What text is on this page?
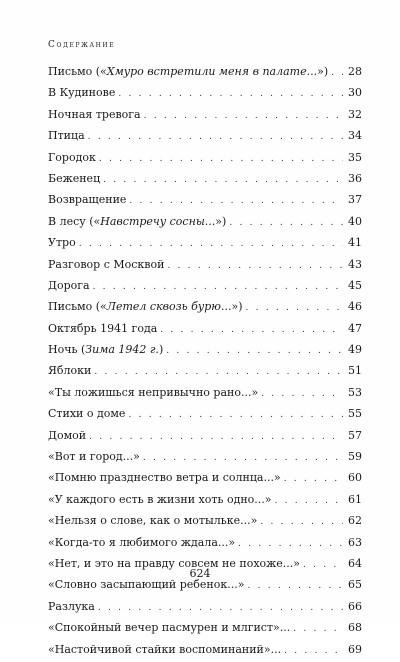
Содержание
Письмо («Хмуро встретили меня в палате...») . . . 28
В Кудинове . . .	30
Ночная тревога . . .	32
Птица . . .	34
Городок . . .	35
Беженец . . .	36
Возвращение . . .	37
В лесу («Навстречу сосны...») . . .	40
Утро . . .	41
Разговор с Москвой . . .	43
Дорога . . .	45
Письмо («Летел сквозь бурю...») . . .	46
Октябрь 1941 года . . .	47
Ночь (Зима 1942 г.) . . .	49
Яблоки . . .	51
«Ты ложишься непривычно рано...» . . .	53
Стихи о доме . . .	55
Домой . . .	57
«Вот и город...» . . .	59
«Помню празднество ветра и солнца...» . . .	60
«У каждого есть в жизни хоть одно...» . . .	61
«Нельзя о слове, как о мотыльке...» . . .	62
«Когда-то я любимого ждала...» . . .	63
«Нет, и это на правду совсем не похоже...» . . .	64
«Словно засыпающий ребенок...» . . .	65
Разлука . . .	66
«Спокойный вечер пасмурен и млгист»... . . .	68
«Настойчивой стайки воспоминаний»... . . .	69
624
